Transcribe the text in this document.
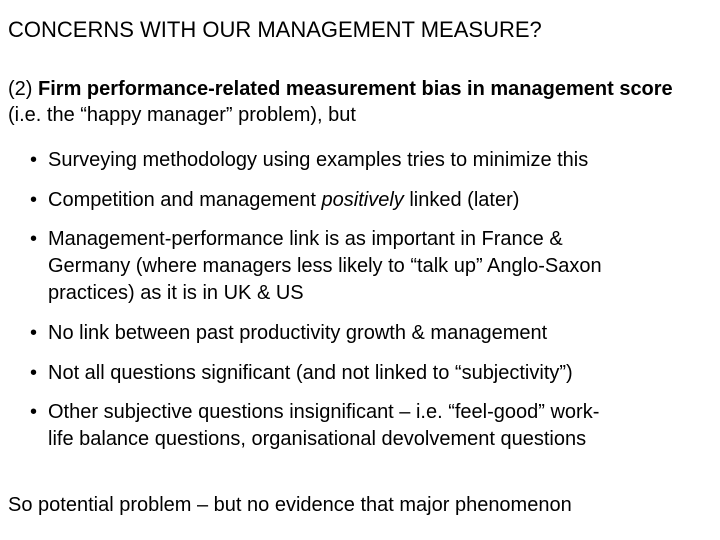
CONCERNS WITH OUR MANAGEMENT MEASURE?
(2) Firm performance-related measurement bias in management score (i.e. the “happy manager” problem), but
• Surveying methodology using examples tries to minimize this
• Competition and management positively linked (later)
• Management-performance link is as important in France &
Germany (where managers less likely to “talk up” Anglo-Saxon
practices) as it is in UK & US
• No link between past productivity growth & management
• Not all questions significant (and not linked to “subjectivity”)
• Other subjective questions insignificant – i.e. “feel-good” work-
life balance questions, organisational devolvement questions
So potential problem – but no evidence that major phenomenon
